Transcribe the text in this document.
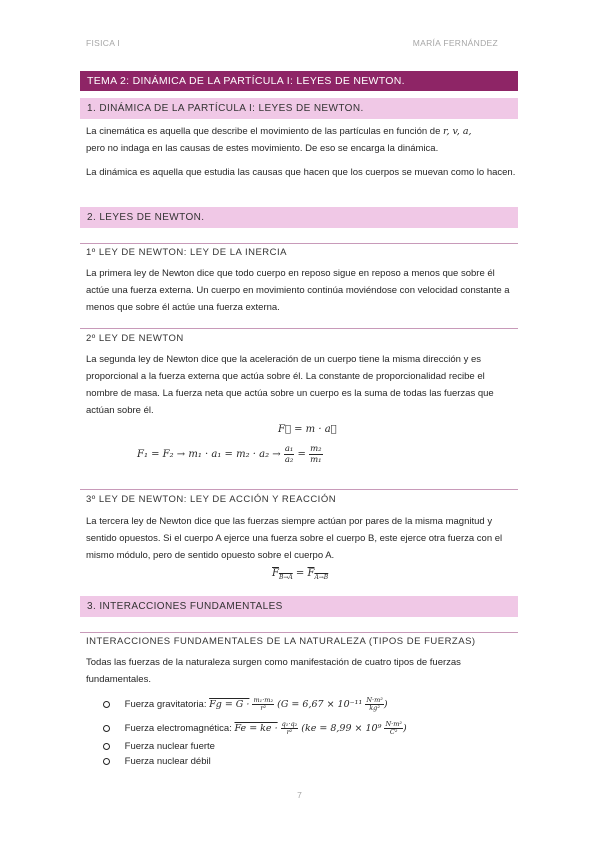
FISICA I	MARÍA FERNÁNDEZ
TEMA 2: DINÁMICA DE LA PARTÍCULA I: LEYES DE NEWTON.
1. DINÁMICA DE LA PARTÍCULA I: LEYES DE NEWTON.
La cinemática es aquella que describe el movimiento de las partículas en función de r, v, a,
pero no indaga en las causas de estes movimiento. De eso se encarga la dinámica.
La dinámica es aquella que estudia las causas que hacen que los cuerpos se muevan como lo hacen.
2. LEYES DE NEWTON.
1º LEY DE NEWTON: LEY DE LA INERCIA
La primera ley de Newton dice que todo cuerpo en reposo sigue en reposo a menos que sobre él actúe una fuerza externa. Un cuerpo en movimiento continúa moviéndose con velocidad constante a menos que sobre él actúe una fuerza externa.
2º LEY DE NEWTON
La segunda ley de Newton dice que la aceleración de un cuerpo tiene la misma dirección y es proporcional a la fuerza externa que actúa sobre él. La constante de proporcionalidad recibe el nombre de masa. La fuerza neta que actúa sobre un cuerpo es la suma de todas las fuerzas que actúan sobre él.
F⃗ = m · a⃗
$F_1 = F_2 \to m_1 \cdot a_1 = m_2 \cdot a_2 \to \frac{\text{a₁}}{\text{a₂}} = \frac{\text{m₂}}{\text{m₁}}$
3º LEY DE NEWTON: LEY DE ACCIÓN Y REACCIÓN
La tercera ley de Newton dice que las fuerzas siempre actúan por pares de la misma magnitud y sentido opuestos. Si el cuerpo A ejerce una fuerza sobre el cuerpo B, este ejerce otra fuerza con el mismo módulo, pero de sentido opuesto sobre el cuerpo A.
$F_{B\to A} = F_{A\to B}$
3. INTERACCIONES FUNDAMENTALES
INTERACCIONES FUNDAMENTALES DE LA NATURALEZA (TIPOS DE FUERZAS)
Todas las fuerzas de la naturaleza surgen como manifestación de cuatro tipos de fuerzas fundamentales.
Fuerza gravitatoria: $Fg = G \cdot \frac{\text{m₁·m₂}}{\text{r²}} (G = 6,67 \times 10^{-11} \frac{\text{N·m²}}{\text{kg²}}$ )
Fuerza electromagnética: Fe = ke · $\frac{\text{q₁·q₂}}{\text{r²}} (ke = 8,99 \times 10^9 \frac{\text{N·m²}}{\text{C²}}$ )
Fuerza nuclear fuerte
Fuerza nuclear débil
7
